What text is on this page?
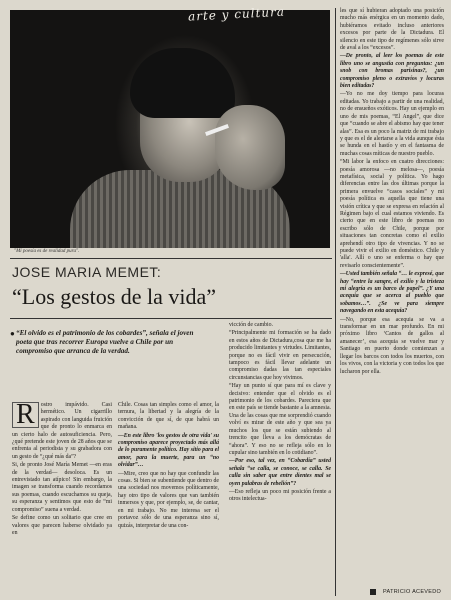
arte y cultura
"Mi poesía es de realidad pura".
JOSE MARIA MEMET:
“Los gestos de la vida”
● “El olvido es el patrimonio de los cobardes”, señala el joven poeta que tras recorrer Europa vuelve a Chile por un compromiso que arranca de la verdad.

R	ostro impávido. Casi hermético. Un cigarrillo aspirado con languida fruición que de pronto lo enmarca en un cierto halo de autosuficiencia. Pero, ¿qué pretende este joven de 28 años que se enfrenta al periodista y su grabadora con un gesto de “¿qué más da”?

Si, de pronto José María Memet —en eras de la verdad— desoloca. Es un entrevistado tan atípico! Sin embargo, la imagen se transforma cuando recordamos sus poemas, cuando escuchamos su queja, su esperanza y sentimos que esto de “mi compromiso” suena a verdad.

Se define como un solitario que cree en valores que parecen haberse olvidado ya en

Chile. Cosas tan simples como el amor, la ternura, la libertad y la alegría de la convicción de que sí, de que habrá un mañana.

—En este libro 'los gestos de otra vida' su compromiso aparece proyectado más allá de lo puramente político. Hay sitio para el amor, para la muerte, para un “no olvidar”…

—Mire, creo que no hay que confundir las cosas. Si bien se subentiende que dentro de una sociedad nos movemos políticamente, hay otro tipo de valores que van también inmersos y que, por ejemplo, se, de cantar, en mi trabajo. No me interesa ser el portavoz sólo de una esperanza sino sí, quizás, interpretar de una con-

vicción de cambio.

“Principalmente mi formación se ha dado en estos años de Dictadura,cosa que me ha producido limitantes y virtudes. Limitantes, porque no es fácil vivir en persecución, tampoco es fácil llevar adelante un compromiso dadas las tan especiales circunstancias que hoy vivimos.

“Hay un punto sí que para mí es clave y decisivo: entender que el olvido es el patrimonio de los cobardes. Pareciera que en este país se tiende bastante a la amnesia. Una de las cosas que me sorprendió cuando volví es mirar de este año y que sea ya muchos los que se están subiendo al trencito que lleva a los demócratas de “ahora”. Y eso no se refleja sólo en lo cupular sino también en lo cotidiano”.

—Por eso, tal vez, en “Cobardía” usted señala “se calla, se conoce, se calla. Se calla sin saber que entre dientes mal se oyen palabras de rebelión”?

—Eso refleja un poco mi posición frente a otros intelectua-

les que sí hubieran adoptado una posición mucho más enérgica en un momento dado, hubiéramos evitado incluso anteriores excesos por parte de la Dictadura. El silencio en este tipo de regímenes sólo sirve de aval a los “excesos”.

—De pronto, al leer los poemas de este libro uno se angustia con preguntas: ¿un snob con bromas parisinas?, ¿un compromiso pleno o extravíos y locuras bien editadas?

—Yo no me doy tiempo para locuras editadas. Yo trabajo a partir de una realidad, no de ensueños exóticos. Hay un ejemplo en uno de mis poemas, “El Angel”, que dice que “cuando se abre el abismo hay que tener alas”. Esa es un poco la matriz de mi trabajo y que es el de alertarse a la vida aunque ésta se hunda en el hastío y en el fantasma de muchas cosas míticas de nuestro pueblo.

“Mi labor la enfoco en cuatro direcciones: poesía amorosa —no melosa—, poesía metafísica, social y política. Yo hago diferencias entre las dos últimas porque la primera envuelve “casos sociales” y mi poesía política es aquella que tiene una visión crítica y que se expresa en relación al Régimen bajo el cual estamos viviendo. Es cierto que en este libro de poemas no escribo sólo de Chile, porque por situaciones tan concretas como el exilio aprehendí otro tipo de vivencias. Y no se puede vivir el exilio en doméstico. Chile y 'alla'. Allí o uno se enferma o hay que revisarlo conscientemente”.

—Usted también señala “… le expresé, que hay “entre la sangre, el exilio y la tristeza mi alegría es un barco de papel”. ¿Y una acequia que se acerca al pueblo que sobamos…”. ¿Se ve para siempre navegando en esta acequia?

—No, porque esa acequia se va a transformar en un mar profundo. En mi próximo libro ‘Cantos de gallos al amanecer’, esa acequia se vuelve mar y Santiago en puerto donde comienzan a llegar los barcos con todos los muertos, con los vivos, con la victoria y con todos los que lucharon por ella.

PATRICIO ACEVEDO
